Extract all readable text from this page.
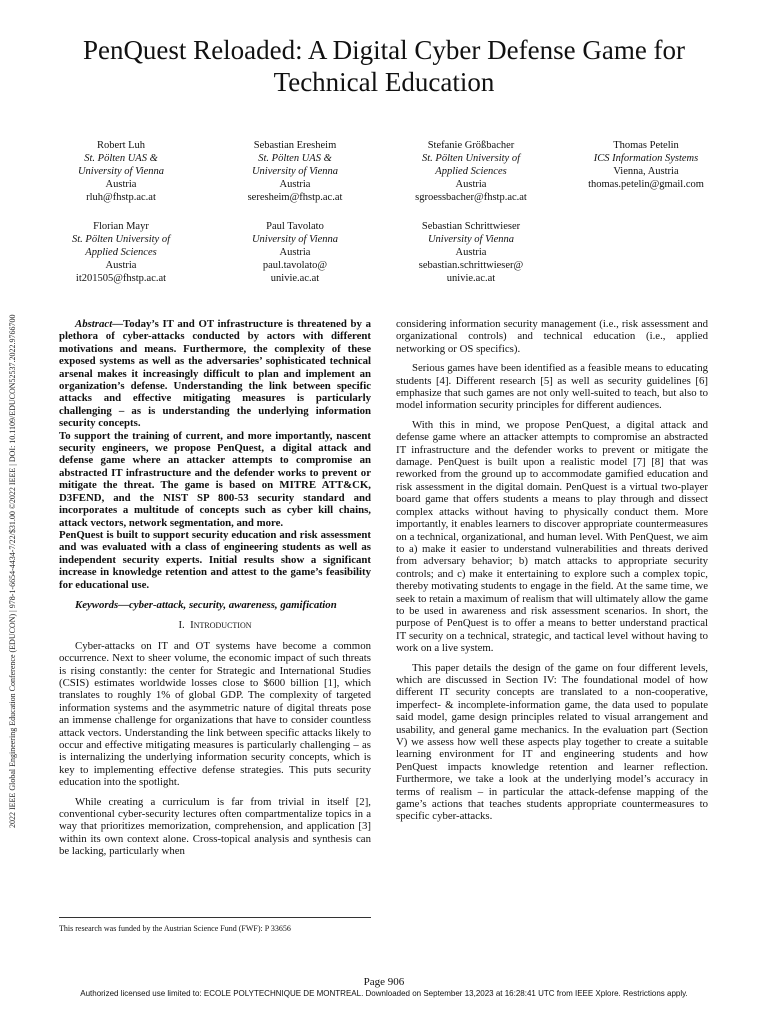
2022 IEEE Global Engineering Education Conference (EDUCON) | 978-1-6654-4434-7/22/$31.00 ©2022 IEEE | DOI: 10.1109/EDUCON52537.2022.9766700
PenQuest Reloaded: A Digital Cyber Defense Game for Technical Education
Robert Luh
St. Pölten UAS &
University of Vienna
Austria
rluh@fhstp.ac.at
Sebastian Eresheim
St. Pölten UAS &
University of Vienna
Austria
seresheim@fhstp.ac.at
Stefanie Größbacher
St. Pölten University of
Applied Sciences
Austria
sgroessbacher@fhstp.ac.at
Thomas Petelin
ICS Information Systems
Vienna, Austria
thomas.petelin@gmail.com
Florian Mayr
St. Pölten University of
Applied Sciences
Austria
it201505@fhstp.ac.at
Paul Tavolato
University of Vienna
Austria
paul.tavolato@
univie.ac.at
Sebastian Schrittwieser
University of Vienna
Austria
sebastian.schrittwieser@
univie.ac.at

Abstract—Today’s IT and OT infrastructure is threatened by a plethora of cyber-attacks conducted by actors with different motivations and means. Furthermore, the complexity of these exposed systems as well as the adversaries’ sophisticated technical arsenal makes it increasingly difficult to plan and implement an organization’s defense. Understanding the link between specific attacks and effective mitigating measures is particularly challenging – as is understanding the underlying information security concepts.

To support the training of current, and more importantly, nascent security engineers, we propose PenQuest, a digital attack and defense game where an attacker attempts to compromise an abstracted IT infrastructure and the defender works to prevent or mitigate the threat. The game is based on MITRE ATT&CK, D3FEND, and the NIST SP 800-53 security standard and incorporates a multitude of concepts such as cyber kill chains, attack vectors, network segmentation, and more.

PenQuest is built to support security education and risk assessment and was evaluated with a class of engineering students as well as independent security experts. Initial results show a significant increase in knowledge retention and attest to the game’s feasibility for educational use.

Keywords—cyber-attack, security, awareness, gamification
I. Introduction

Cyber-attacks on IT and OT systems have become a common occurrence. Next to sheer volume, the economic impact of such threats is rising constantly: the center for Strategic and International Studies (CSIS) estimates worldwide losses close to $600 billion [1], which translates to roughly 1% of global GDP. The complexity of targeted information systems and the asymmetric nature of digital threats pose an immense challenge for organizations that have to consider countless attack vectors. Understanding the link between specific attacks likely to occur and effective mitigating measures is particularly challenging – as is internalizing the underlying information security concepts, which is key to implementing effective defense strategies. This puts security education into the spotlight.

While creating a curriculum is far from trivial in itself [2], conventional cyber-security lectures often compartmentalize topics in a way that prioritizes memorization, comprehension, and application [3] within its own context alone. Cross-topical analysis and synthesis can be lacking, particularly when

considering information security management (i.e., risk assessment and organizational controls) and technical education (i.e., applied networking or OS specifics).

Serious games have been identified as a feasible means to educating students [4]. Different research [5] as well as security guidelines [6] emphasize that such games are not only well-suited to teach, but also to model information security principles for different audiences.

With this in mind, we propose PenQuest, a digital attack and defense game where an attacker attempts to compromise an abstracted IT infrastructure and the defender works to prevent or mitigate the damage. PenQuest is built upon a realistic model [7] [8] that was reworked from the ground up to accommodate gamified education and risk assessment in the digital domain. PenQuest is a virtual two-player board game that offers students a means to play through and dissect complex attacks without having to physically conduct them. More importantly, it enables learners to discover appropriate countermeasures on a technical, organizational, and human level. With PenQuest, we aim to a) make it easier to understand vulnerabilities and threats derived from adversary behavior; b) match attacks to appropriate security controls; and c) make it entertaining to explore such a complex topic, thereby motivating students to engage in the field. At the same time, we seek to retain a maximum of realism that will ultimately allow the game to be used in awareness and risk assessment scenarios. In short, the purpose of PenQuest is to offer a means to better understand practical IT security on a technical, strategic, and tactical level without having to work on a live system.

This paper details the design of the game on four different levels, which are discussed in Section IV: The foundational model of how different IT security concepts are translated to a non-cooperative, imperfect- & incomplete-information game, the data used to populate said model, game design principles related to visual arrangement and usability, and general game mechanics. In the evaluation part (Section V) we assess how well these aspects play together to create a suitable learning environment for IT and engineering students and how PenQuest impacts knowledge retention and learner reflection. Furthermore, we take a look at the underlying model’s accuracy in terms of realism – in particular the attack-defense mapping of the game’s actions that teaches students appropriate countermeasures to specific cyber-attacks.

This research was funded by the Austrian Science Fund (FWF): P 33656
Page 906
Authorized licensed use limited to: ECOLE POLYTECHNIQUE DE MONTREAL. Downloaded on September 13,2023 at 16:28:41 UTC from IEEE Xplore. Restrictions apply.
